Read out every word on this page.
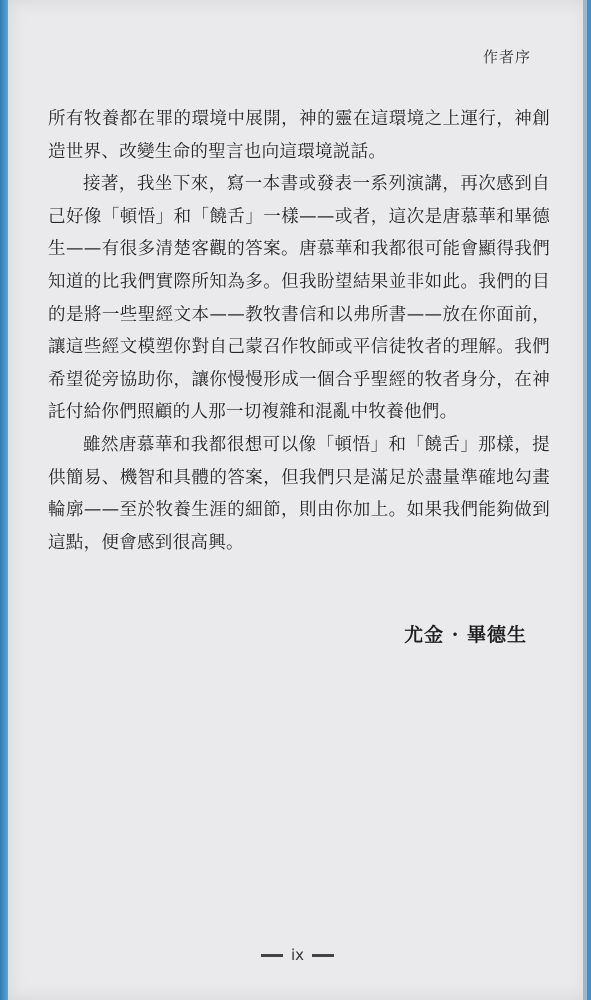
作者序

所有牧養都在罪的環境中展開，神的靈在這環境之上運行，神創造世界、改變生命的聖言也向這環境説話。

接著，我坐下來，寫一本書或發表一系列演講，再次感到自己好像「頓悟」和「饒舌」一樣——或者，這次是唐慕華和畢德生——有很多清楚客觀的答案。唐慕華和我都很可能會顯得我們知道的比我們實際所知為多。但我盼望結果並非如此。我們的目的是將一些聖經文本——教牧書信和以弗所書——放在你面前，讓這些經文模塑你對自己蒙召作牧師或平信徒牧者的理解。我們希望從旁協助你，讓你慢慢形成一個合乎聖經的牧者身分，在神託付給你們照顧的人那一切複雜和混亂中牧養他們。

雖然唐慕華和我都很想可以像「頓悟」和「饒舌」那樣，提供簡易、機智和具體的答案，但我們只是滿足於盡量準確地勾畫輪廓——至於牧養生涯的細節，則由你加上。如果我們能夠做到這點，便會感到很高興。

尤金 · 畢德生
ix
